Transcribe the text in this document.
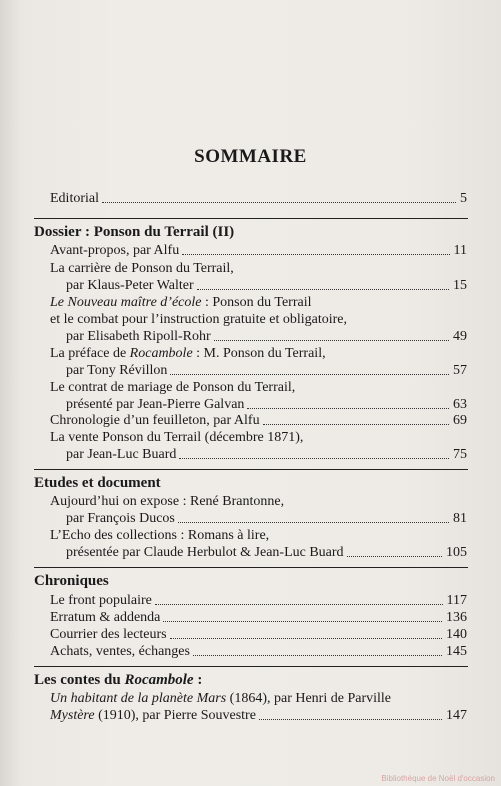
SOMMAIRE
Editorial	5
Dossier : Ponson du Terrail (II)
Avant-propos, par Alfu	11
La carrière de Ponson du Terrail,
par Klaus-Peter Walter	15
Le Nouveau maître d’école : Ponson du Terrail
et le combat pour l’instruction gratuite et obligatoire,
par Elisabeth Ripoll-Rohr	49
La préface de Rocambole : M. Ponson du Terrail,
par Tony Révillon	57
Le contrat de mariage de Ponson du Terrail,
présenté par Jean-Pierre Galvan	63
Chronologie d’un feuilleton, par Alfu	69
La vente Ponson du Terrail (décembre 1871),
par Jean-Luc Buard	75
Etudes et document
Aujourd’hui on expose : René Brantonne,
par François Ducos	81
L’Echo des collections : Romans à lire,
présentée par Claude Herbulot & Jean-Luc Buard	105
Chroniques
Le front populaire	117
Erratum & addenda	136
Courrier des lecteurs	140
Achats, ventes, échanges	145
Les contes du Rocambole :
Un habitant de la planète Mars (1864), par Henri de Parville
Mystère (1910), par Pierre Souvestre	147
Bibliothèque de Noël d'occasion
